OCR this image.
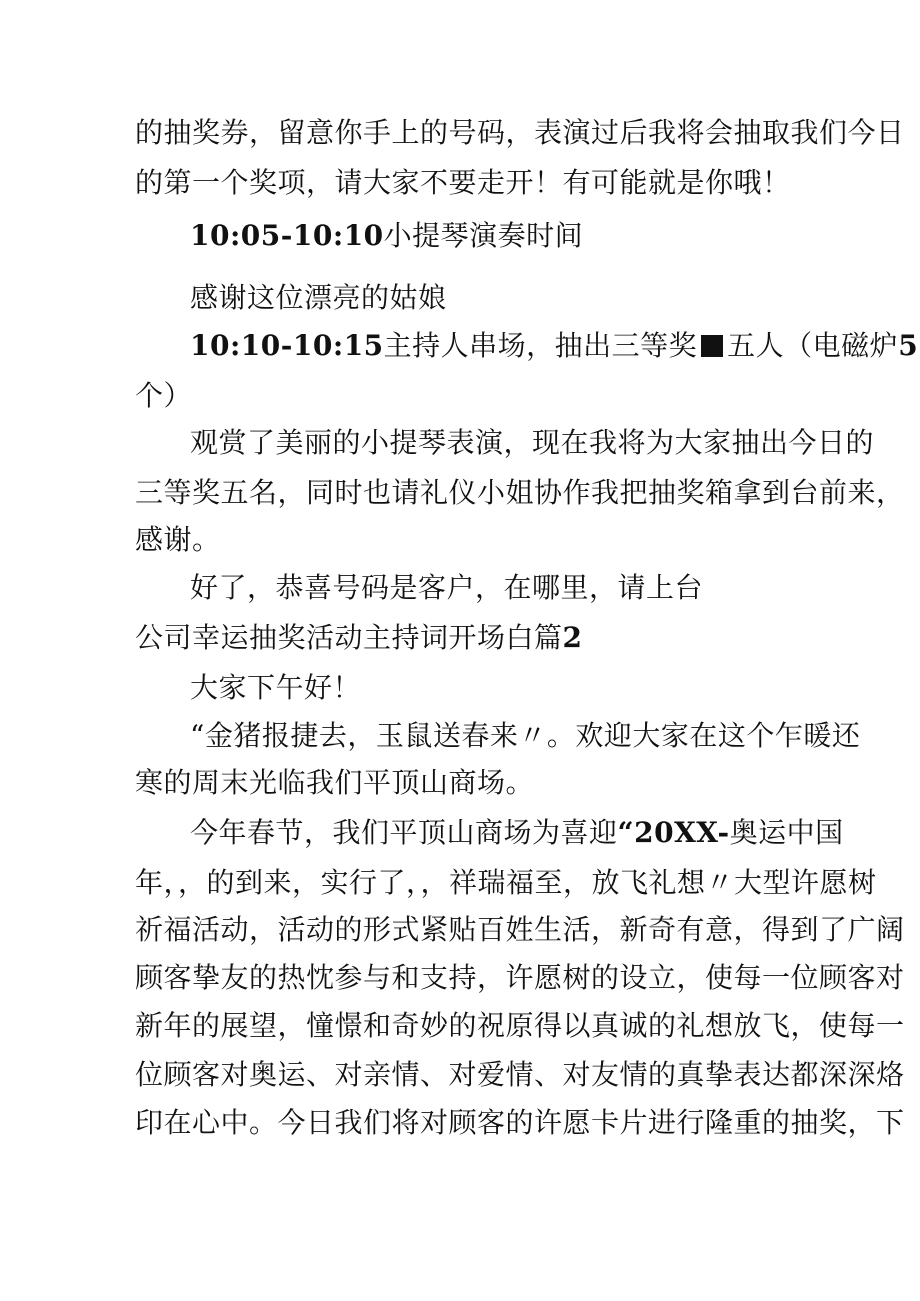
的抽奖券，留意你手上的号码，表演过后我将会抽取我们今日
的第一个奖项，请大家不要走开！有可能就是你哦！
10:05-10:10小提琴演奏时间
感谢这位漂亮的姑娘
10:10-10:15主持人串场，抽出三等奖 五人（电磁炉5
个）
观赏了美丽的小提琴表演，现在我将为大家抽出今日的
三等奖五名，同时也请礼仪小姐协作我把抽奖箱拿到台前来，
感谢。
好了，恭喜号码是客户，在哪里，请上台
公司幸运抽奖活动主持词开场白篇2
大家下午好！
“金猪报捷去，玉鼠送春来〃。欢迎大家在这个乍暖还
寒的周末光临我们平顶山商场。
今年春节，我们平顶山商场为喜迎“20XX-奥运中国
年，，的到来，实行了，，祥瑞福至，放飞礼想〃大型许愿树
祈福活动，活动的形式紧贴百姓生活，新奇有意，得到了广阔
顾客挚友的热忱参与和支持，许愿树的设立，使每一位顾客对
新年的展望，憧憬和奇妙的祝原得以真诚的礼想放飞，使每一
位顾客对奥运、对亲情、对爱情、对友情的真挚表达都深深烙
印在心中。今日我们将对顾客的许愿卡片进行隆重的抽奖，下
